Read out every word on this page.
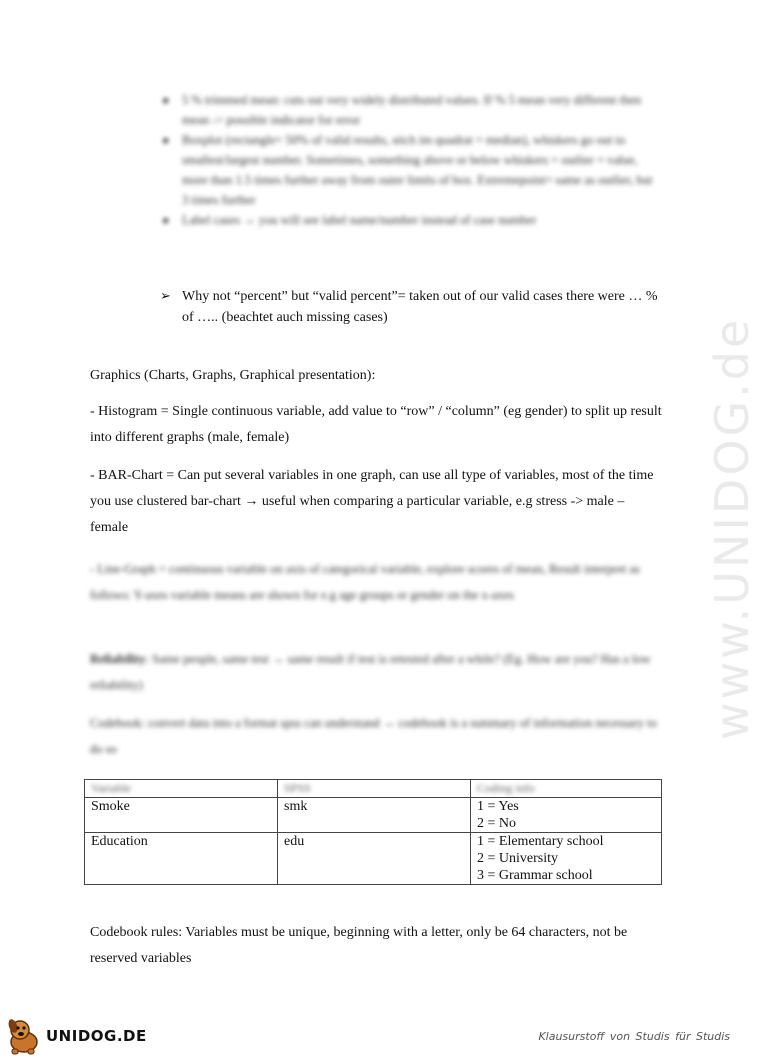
www.UNIDOG.de
● 5 % trimmed mean: cuts out very widely distributed values. If % 5 mean very different then mean -> possible indicator for error
● Boxplot (rectangle= 50% of valid results, stich im quadrat = median), whiskers go out to smallest/largest number. Sometimes, something above or below whiskers = outlier = value, more than 1.5 times further away from outer limits of box. Extremepoint= same as outlier, but 3 times further
● Label cases → you will see label name/number instead of case number
➢ Why not “percent” but “valid percent”= taken out of our valid cases there were … % of ….. (beachtet auch missing cases)

Graphics (Charts, Graphs, Graphical presentation):

- Histogram = Single continuous variable, add value to “row” / “column” (eg gender) to split up result into different graphs (male, female)

- BAR-Chart = Can put several variables in one graph, can use all type of variables, most of the time you use clustered bar-chart → useful when comparing a particular variable, e.g stress -> male – female

- Line-Graph = continuous variable on axis of categorical variable, explore scores of mean, Result interpret as follows: Y-axes variable means are shown for e.g age groups or gender on the x-axes

Reliability: Same people, same test → same result if test is retested after a while? (Eg. How are you? Has a low reliability)

Codebook: convert data into a format spss can understand → codebook is a summary of information necessary to do so

Variable	SPSS	Coding info
Smoke	smk	1 = Yes
2 = No

Education	edu	1 = Elementary school
2 = University
3 = Grammar school

Codebook rules: Variables must be unique, beginning with a letter, only be 64 characters, not be reserved variables

UNIDOG.DE	Klausurstoff von Studis für Studis
